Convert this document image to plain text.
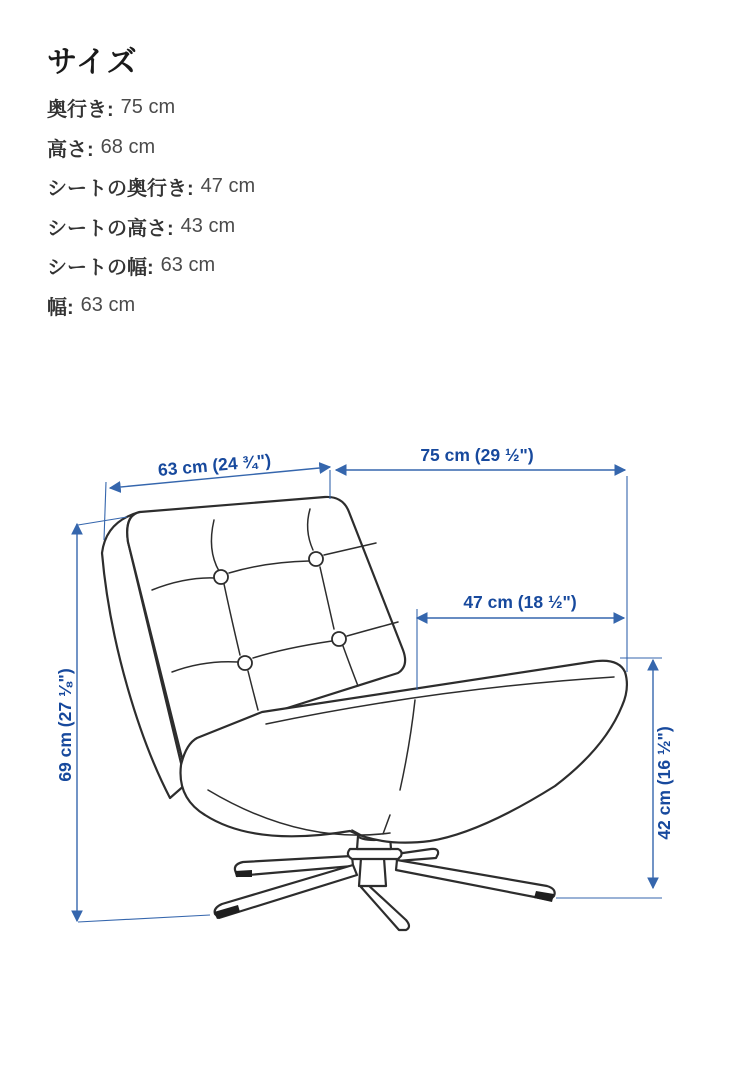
サイズ
奥行き: 75 cm
高さ: 68 cm
シートの奥行き: 47 cm
シートの高さ: 43 cm
シートの幅: 63 cm
幅: 63 cm
63 cm (24 ¾")	75 cm (29 ½")
47 cm (18 ½")
69 cm (27 ⅛")
42 cm (16 ½")
